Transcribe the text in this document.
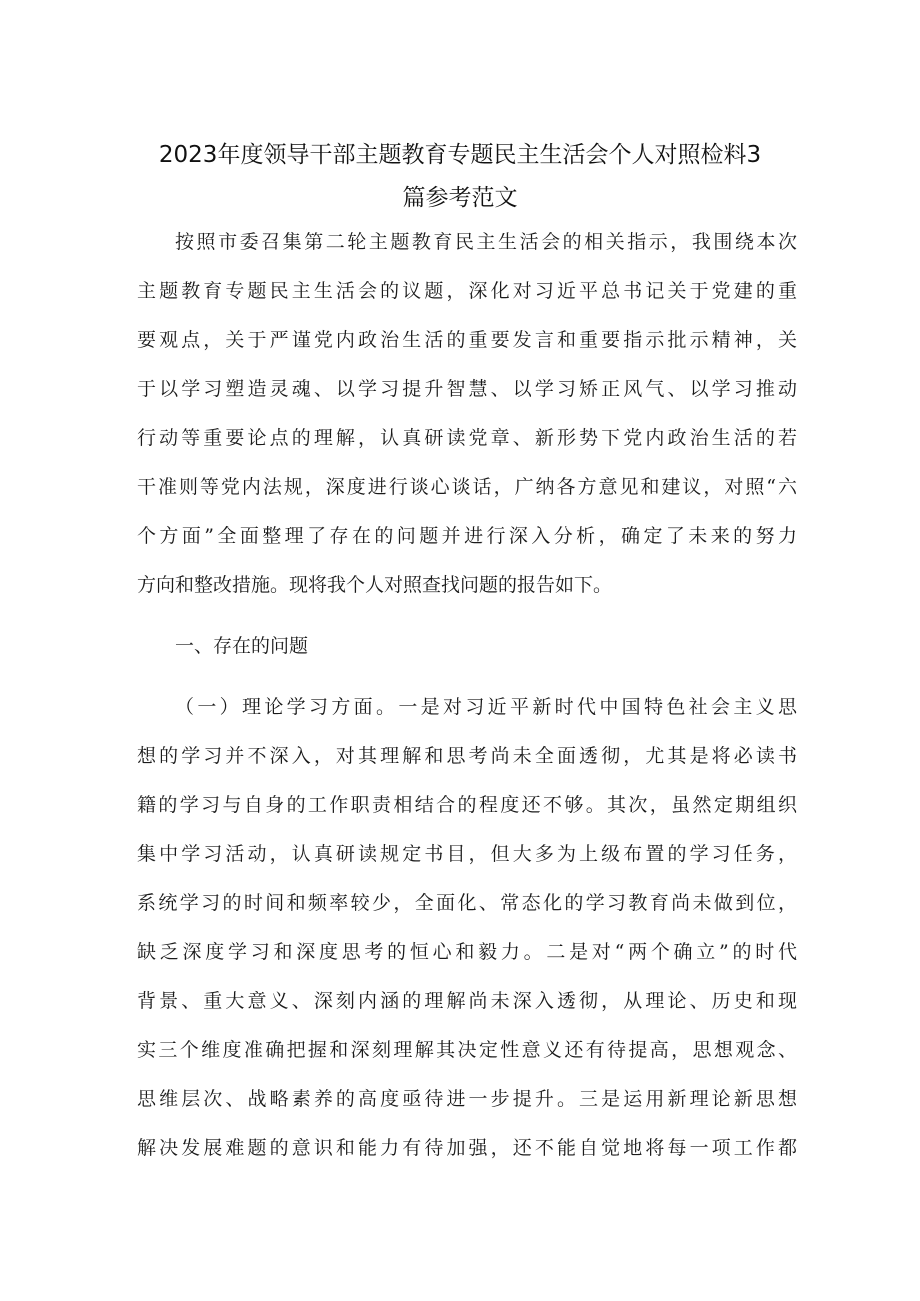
2023年度领导干部主题教育专题民主生活会个人对照检料3
篇参考范文
按照市委召集第二轮主题教育民主生活会的相关指示，我围绕本次
主题教育专题民主生活会的议题，深化对习近平总书记关于党建的重
要观点，关于严谨党内政治生活的重要发言和重要指示批示精神，关
于以学习塑造灵魂、以学习提升智慧、以学习矫正风气、以学习推动
行动等重要论点的理解，认真研读党章、新形势下党内政治生活的若
干准则等党内法规，深度进行谈心谈话，广纳各方意见和建议，对照“六
个方面”全面整理了存在的问题并进行深入分析，确定了未来的努力
方向和整改措施。现将我个人对照查找问题的报告如下。
一、存在的问题
（一）理论学习方面。一是对习近平新时代中国特色社会主义思
想的学习并不深入，对其理解和思考尚未全面透彻，尤其是将必读书
籍的学习与自身的工作职责相结合的程度还不够。其次，虽然定期组织
集中学习活动，认真研读规定书目，但大多为上级布置的学习任务，
系统学习的时间和频率较少，全面化、常态化的学习教育尚未做到位，
缺乏深度学习和深度思考的恒心和毅力。二是对“两个确立”的时代
背景、重大意义、深刻内涵的理解尚未深入透彻，从理论、历史和现
实三个维度准确把握和深刻理解其决定性意义还有待提高，思想观念、
思维层次、战略素养的高度亟待进一步提升。三是运用新理论新思想
解决发展难题的意识和能力有待加强，还不能自觉地将每一项工作都
